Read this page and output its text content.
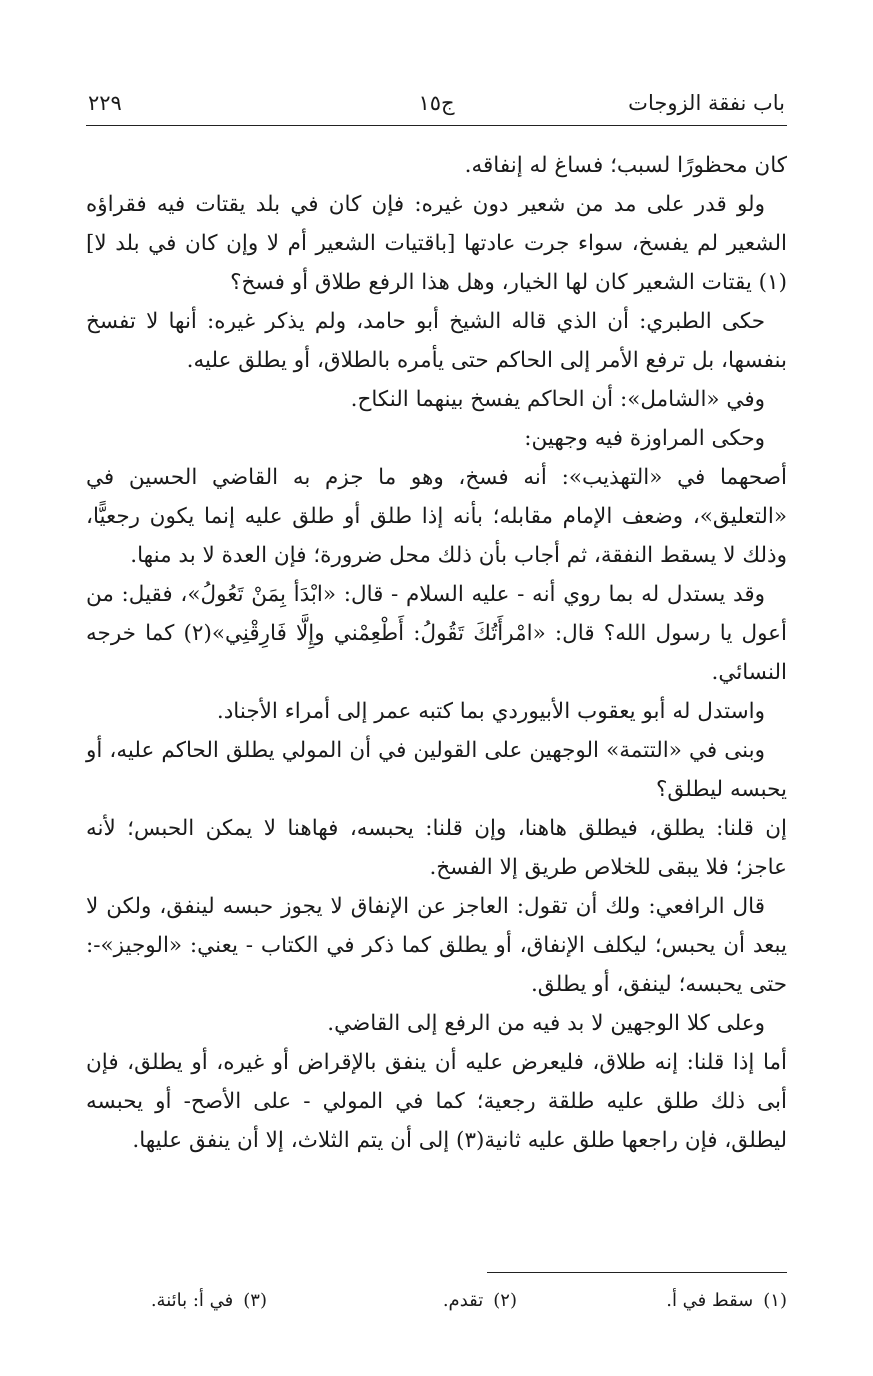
باب نفقة الزوجات
ج١٥
٢٢٩

كان محظورًا لسبب؛ فساغ له إنفاقه.

ولو قدر على مد من شعير دون غيره: فإن كان في بلد يقتات فيه فقراؤه الشعير لم يفسخ، سواء جرت عادتها [باقتيات الشعير أم لا وإن كان في بلد لا](١) يقتات الشعير كان لها الخيار، وهل هذا الرفع طلاق أو فسخ؟

حكى الطبري: أن الذي قاله الشيخ أبو حامد، ولم يذكر غيره: أنها لا تفسخ بنفسها، بل ترفع الأمر إلى الحاكم حتى يأمره بالطلاق، أو يطلق عليه.

وفي «الشامل»: أن الحاكم يفسخ بينهما النكاح.

وحكى المراوزة فيه وجهين:

أصحهما في «التهذيب»: أنه فسخ، وهو ما جزم به القاضي الحسين في «التعليق»، وضعف الإمام مقابله؛ بأنه إذا طلق أو طلق عليه إنما يكون رجعيًّا، وذلك لا يسقط النفقة، ثم أجاب بأن ذلك محل ضرورة؛ فإن العدة لا بد منها.

وقد يستدل له بما روي أنه - عليه السلام - قال: «ابْدَأ بِمَنْ تَعُولُ»، فقيل: من أعول يا رسول الله؟ قال: «امْرأَتُكَ تَقُولُ: أَطْعِمْني وإِلَّا فَارِقْنِي»(٢) كما خرجه النسائي.

واستدل له أبو يعقوب الأبيوردي بما كتبه عمر إلى أمراء الأجناد.

وبنى في «التتمة» الوجهين على القولين في أن المولي يطلق الحاكم عليه، أو يحبسه ليطلق؟

إن قلنا: يطلق، فيطلق هاهنا، وإن قلنا: يحبسه، فهاهنا لا يمكن الحبس؛ لأنه عاجز؛ فلا يبقى للخلاص طريق إلا الفسخ.

قال الرافعي: ولك أن تقول: العاجز عن الإنفاق لا يجوز حبسه لينفق، ولكن لا يبعد أن يحبس؛ ليكلف الإنفاق، أو يطلق كما ذكر في الكتاب - يعني: «الوجيز»-: حتى يحبسه؛ لينفق، أو يطلق.

وعلى كلا الوجهين لا بد فيه من الرفع إلى القاضي.

أما إذا قلنا: إنه طلاق، فليعرض عليه أن ينفق بالإقراض أو غيره، أو يطلق، فإن أبى ذلك طلق عليه طلقة رجعية؛ كما في المولي - على الأصح- أو يحبسه ليطلق، فإن راجعها طلق عليه ثانية(٣) إلى أن يتم الثلاث، إلا أن ينفق عليها.

(١)سقط في أ.
(٢)تقدم.
(٣)في أ: بائنة.
